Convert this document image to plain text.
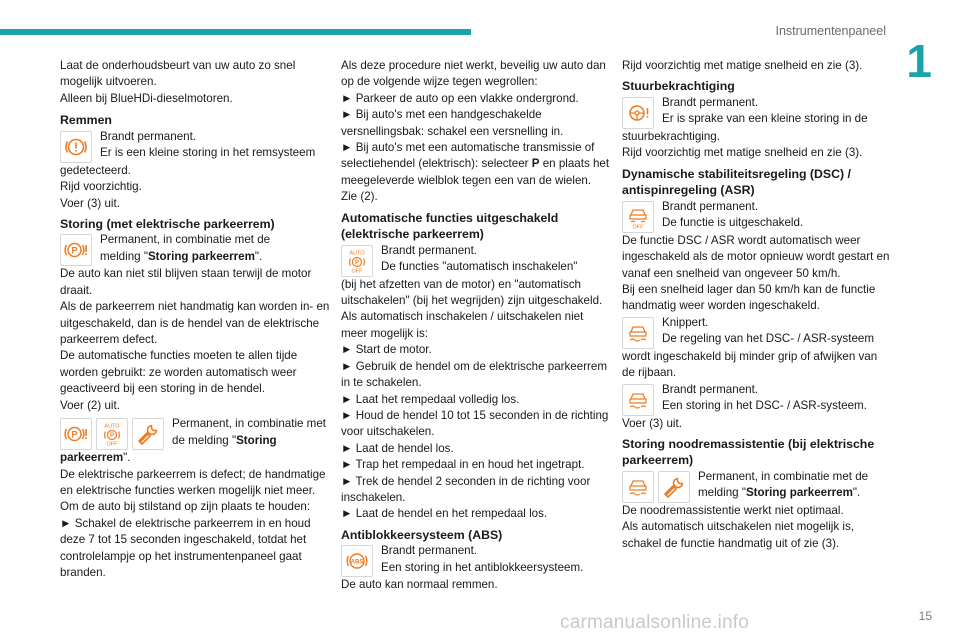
Instrumentenpaneel
1
Laat de onderhoudsbeurt van uw auto zo snel
mogelijk uitvoeren.
Alleen bij BlueHDi-dieselmotoren.
Remmen
Brandt permanent.
Er is een kleine storing in het remsysteem
gedetecteerd.
Rijd voorzichtig.
Voer (3) uit.
Storing (met elektrische parkeerrem)
P
Permanent, in combinatie met de
melding "Storing parkeerrem".
De auto kan niet stil blijven staan terwijl de motor
draait.
Als de parkeerrem niet handmatig kan worden in- en
uitgeschakeld, dan is de hendel van de elektrische
parkeerrem defect.
De automatische functies moeten te allen tijde
worden gebruikt: ze worden automatisch weer
geactiveerd bij een storing in de hendel.
Voer (2) uit.
P
AUTO
P
OFF
Permanent, in combinatie met
de melding "Storing
parkeerrem".
De elektrische parkeerrem is defect; de handmatige
en elektrische functies werken mogelijk niet meer.
Om de auto bij stilstand op zijn plaats te houden:
► Schakel de elektrische parkeerrem in en houd
deze 7 tot 15 seconden ingeschakeld, totdat het
controlelampje op het instrumentenpaneel gaat
branden.
Als deze procedure niet werkt, beveilig uw auto dan
op de volgende wijze tegen wegrollen:
► Parkeer de auto op een vlakke ondergrond.
► Bij auto's met een handgeschakelde
versnellingsbak: schakel een versnelling in.
► Bij auto's met een automatische transmissie of
selectiehendel (elektrisch): selecteer P en plaats het
meegeleverde wielblok tegen een van de wielen.
Zie (2).
Automatische functies uitgeschakeld
(elektrische parkeerrem)
AUTO
P
OFF
Brandt permanent.
De functies "automatisch inschakelen"
(bij het afzetten van de motor) en "automatisch
uitschakelen" (bij het wegrijden) zijn uitgeschakeld.
Als automatisch inschakelen / uitschakelen niet
meer mogelijk is:
► Start de motor.
► Gebruik de hendel om de elektrische parkeerrem
in te schakelen.
► Laat het rempedaal volledig los.
► Houd de hendel 10 tot 15 seconden in de richting
voor uitschakelen.
► Laat de hendel los.
► Trap het rempedaal in en houd het ingetrapt.
► Trek de hendel 2 seconden in de richting voor
inschakelen.
► Laat de hendel en het rempedaal los.
Antiblokkeersysteem (ABS)
ABS
Brandt permanent.
Een storing in het antiblokkeersysteem.
De auto kan normaal remmen.
Rijd voorzichtig met matige snelheid en zie (3).
Stuurbekrachtiging
Brandt permanent.
Er is sprake van een kleine storing in de
stuurbekrachtiging.
Rijd voorzichtig met matige snelheid en zie (3).
Dynamische stabiliteitsregeling (DSC) /
antispinregeling (ASR)
OFF
Brandt permanent.
De functie is uitgeschakeld.
De functie DSC / ASR wordt automatisch weer
ingeschakeld als de motor opnieuw wordt gestart en
vanaf een snelheid van ongeveer 50 km/h.
Bij een snelheid lager dan 50 km/h kan de functie
handmatig weer worden ingeschakeld.
Knippert.
De regeling van het DSC- / ASR-systeem
wordt ingeschakeld bij minder grip of afwijken van
de rijbaan.
Brandt permanent.
Een storing in het DSC- / ASR-systeem.
Voer (3) uit.
Storing noodremassistentie (bij elektrische
parkeerrem)
Permanent, in combinatie met de
melding "Storing parkeerrem".
De noodremassistentie werkt niet optimaal.
Als automatisch uitschakelen niet mogelijk is,
schakel de functie handmatig uit of zie (3).
carmanualsonline.info	15
